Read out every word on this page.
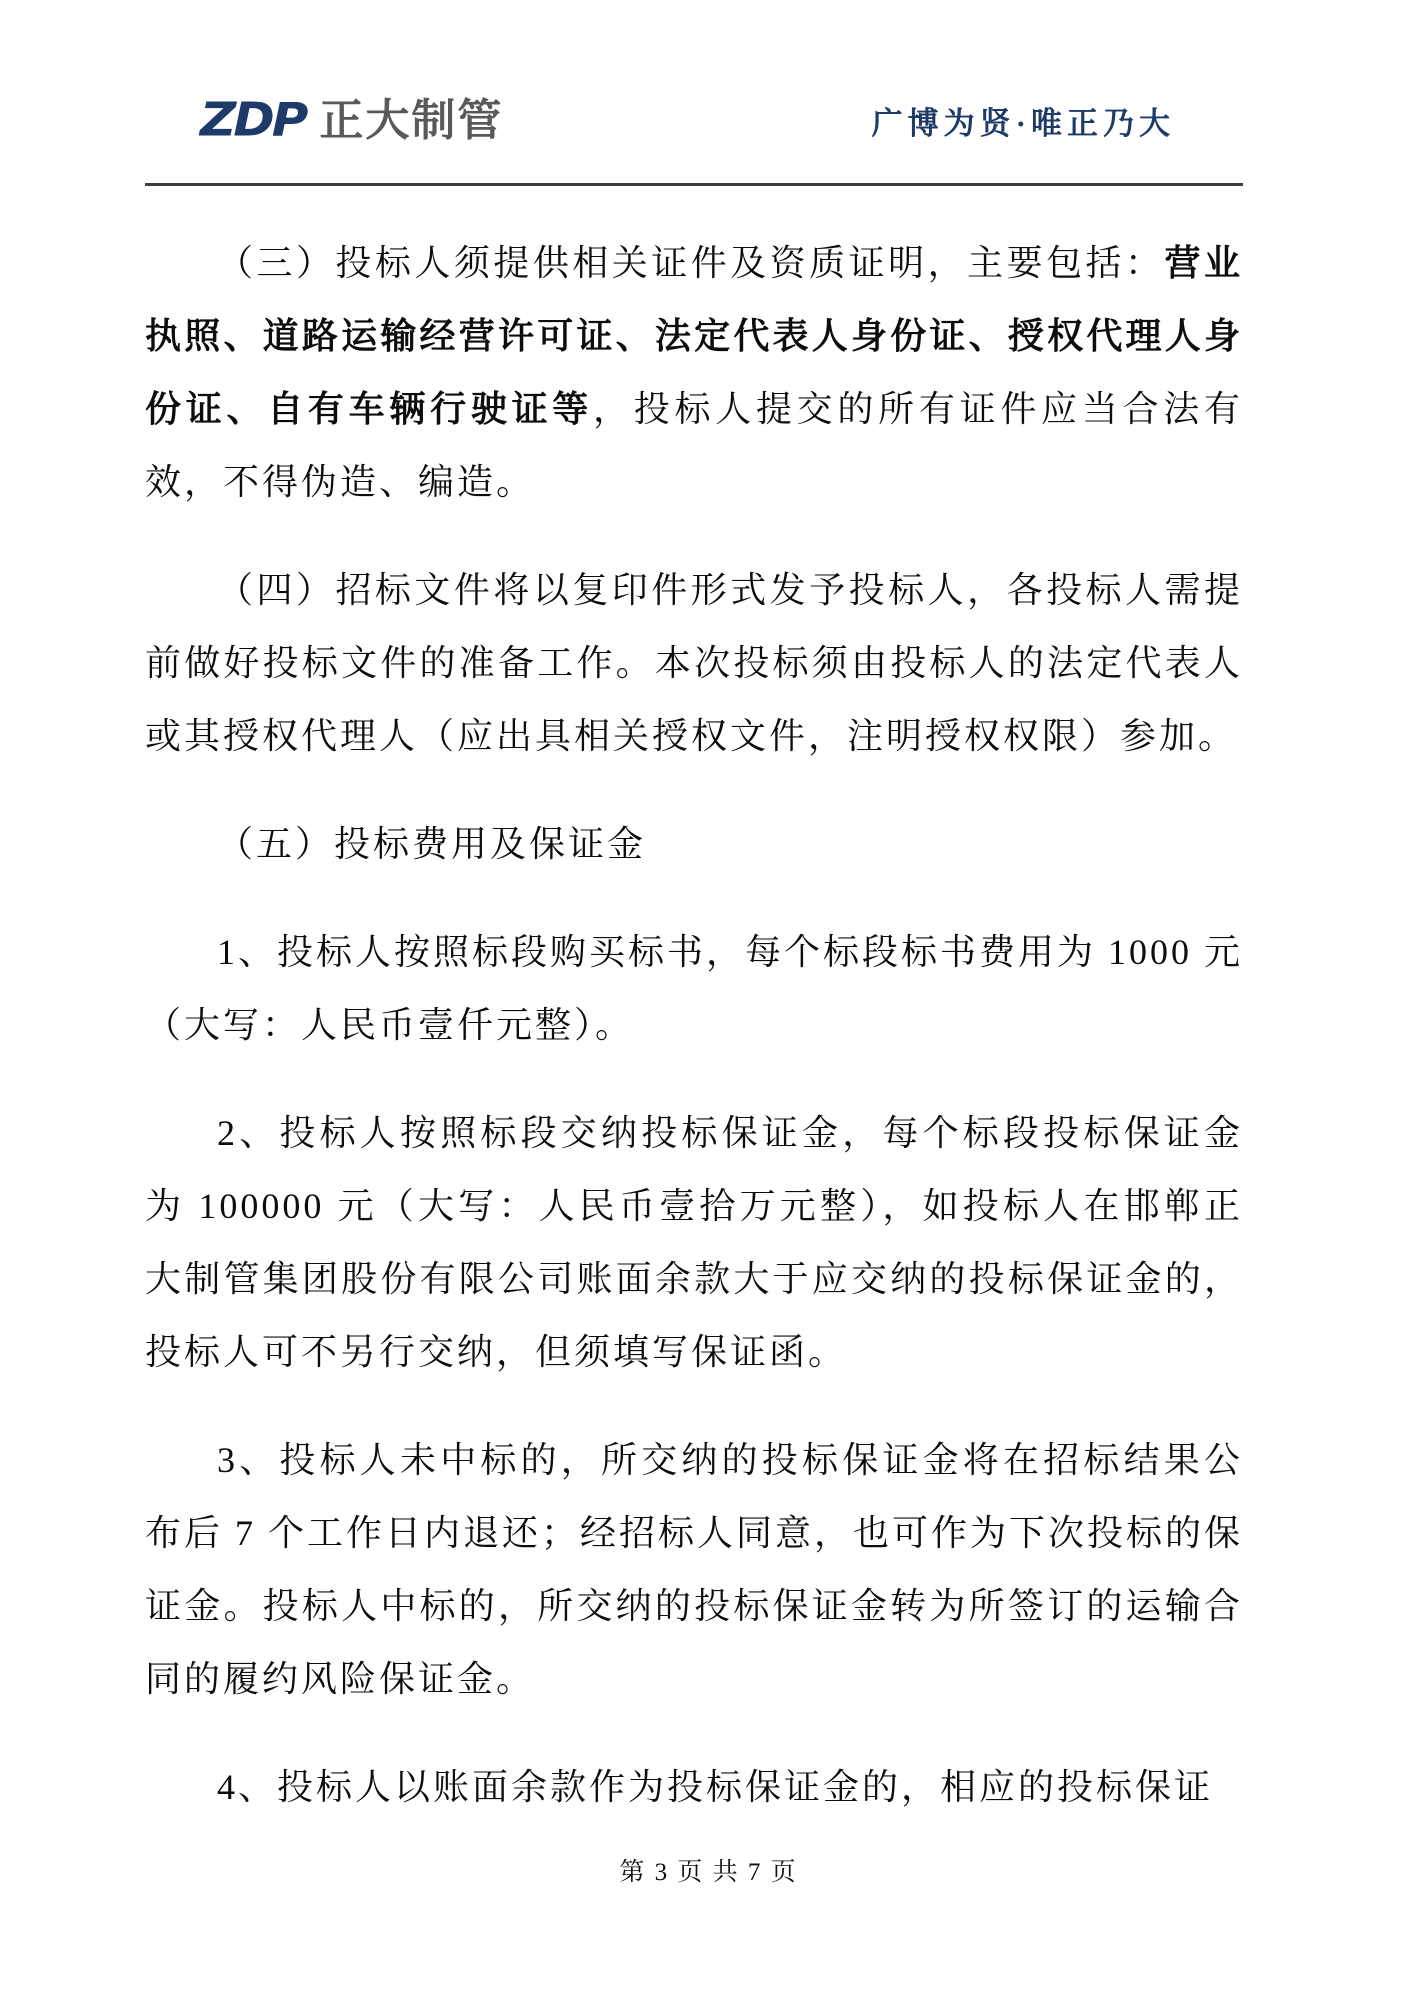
ZDP 正大制管	广博为贤·唯正乃大

（三）投标人须提供相关证件及资质证明，主要包括：营业执照、道路运输经营许可证、法定代表人身份证、授权代理人身份证、自有车辆行驶证等，投标人提交的所有证件应当合法有效，不得伪造、编造。

（四）招标文件将以复印件形式发予投标人，各投标人需提前做好投标文件的准备工作。本次投标须由投标人的法定代表人或其授权代理人（应出具相关授权文件，注明授权权限）参加。

（五）投标费用及保证金

1、投标人按照标段购买标书，每个标段标书费用为 1000 元（大写：人民币壹仟元整）。

2、投标人按照标段交纳投标保证金，每个标段投标保证金为 100000 元（大写：人民币壹拾万元整），如投标人在邯郸正大制管集团股份有限公司账面余款大于应交纳的投标保证金的，投标人可不另行交纳，但须填写保证函。

3、投标人未中标的，所交纳的投标保证金将在招标结果公布后 7 个工作日内退还；经招标人同意，也可作为下次投标的保证金。投标人中标的，所交纳的投标保证金转为所签订的运输合同的履约风险保证金。

4、投标人以账面余款作为投标保证金的，相应的投标保证

第 3 页 共 7 页
